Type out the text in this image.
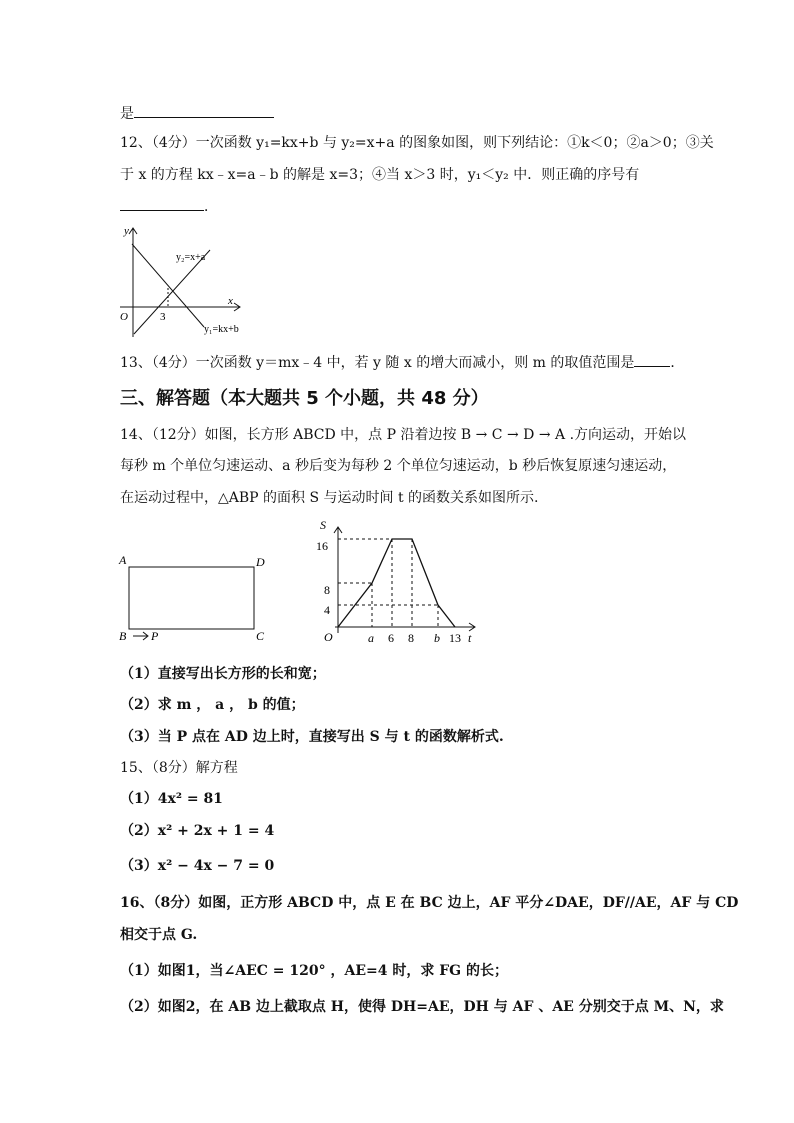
是
12、（4分）一次函数 y₁=kx+b 与 y₂=x+a 的图象如图，则下列结论：①k＜0；②a＞0；③关
于 x 的方程 kx﹣x=a﹣b 的解是 x=3；④当 x＞3 时，y₁＜y₂ 中．则正确的序号有
．
y
x
O	3
y₂=x+a
y₁=kx+b
13、（4分）一次函数 y＝mx﹣4 中，若 y 随 x 的增大而减小，则 m 的取值范围是	．
三、解答题（本大题共 5 个小题，共 48 分）
14、（12分）如图，长方形 ABCD 中，点 P 沿着边按 B → C → D → A .方向运动，开始以
每秒 m 个单位匀速运动、a 秒后变为每秒 2 个单位匀速运动，b 秒后恢复原速匀速运动，
在运动过程中，△ABP 的面积 S 与运动时间 t 的函数关系如图所示.
A	D
B	C
P
S
t
O
16
8
4
a 6 8 b 13
（1）直接写出长方形的长和宽；
（2）求 m ， a ， b 的值；
（3）当 P 点在 AD 边上时，直接写出 S 与 t 的函数解析式.
15、（8分）解方程
（1）4x² = 81
（2）x² + 2x + 1 = 4
（3）x² − 4x − 7 = 0
16、（8分）如图，正方形 ABCD 中，点 E 在 BC 边上，AF 平分∠DAE，DF//AE，AF 与 CD
相交于点 G.
（1）如图1，当∠AEC = 120° ，AE=4 时，求 FG 的长；
（2）如图2，在 AB 边上截取点 H，使得 DH=AE，DH 与 AF 、AE 分别交于点 M、N，求
